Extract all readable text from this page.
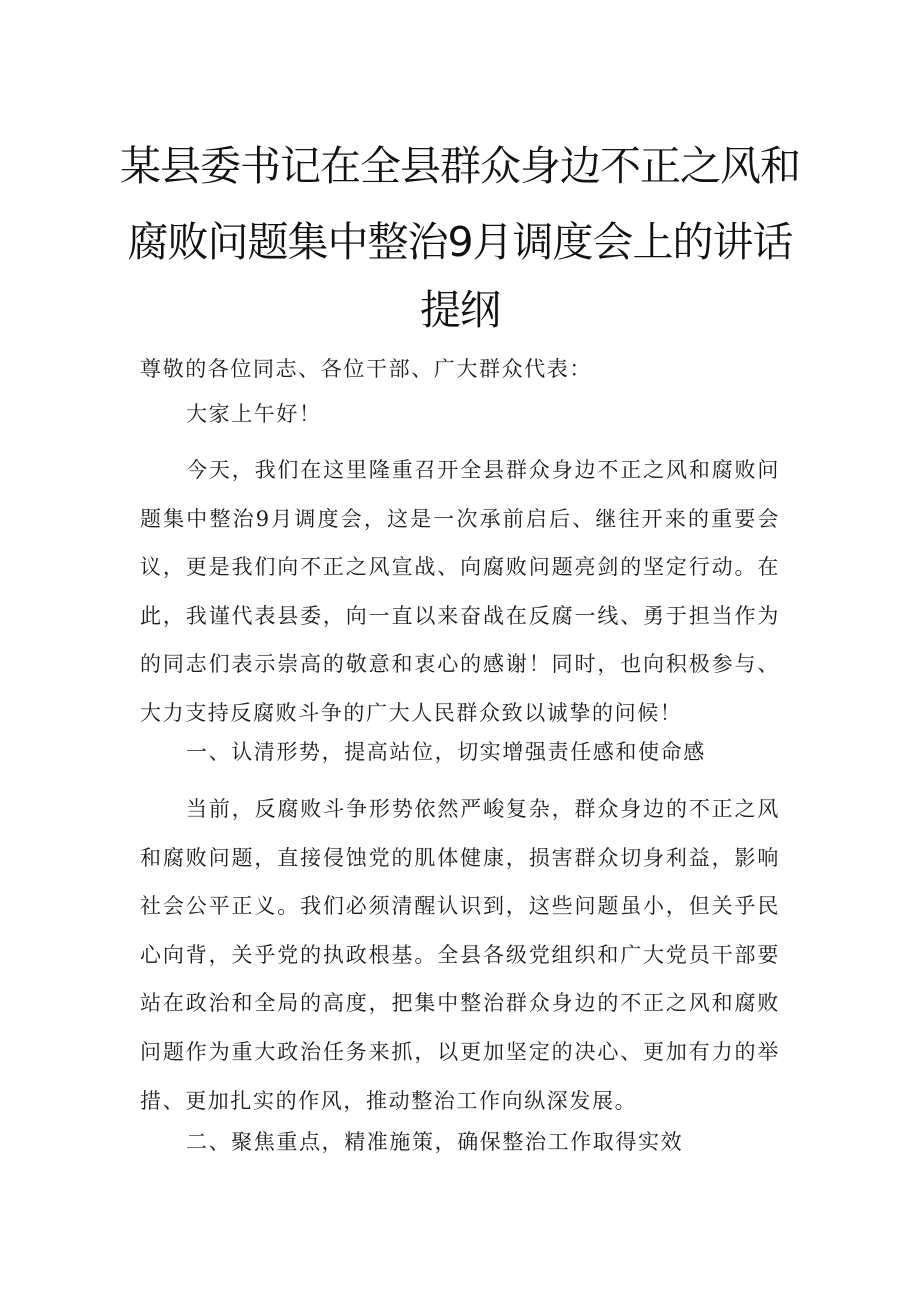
某县委书记在全县群众身边不正之风和
腐败问题集中整治9月调度会上的讲话
提纲
尊敬的各位同志、各位干部、广大群众代表：
大家上午好！
今天，我们在这里隆重召开全县群众身边不正之风和腐败问题集中整治9月调度会，这是一次承前启后、继往开来的重要会议，更是我们向不正之风宣战、向腐败问题亮剑的坚定行动。在此，我谨代表县委，向一直以来奋战在反腐一线、勇于担当作为的同志们表示崇高的敬意和衷心的感谢！同时，也向积极参与、大力支持反腐败斗争的广大人民群众致以诚挚的问候！
一、认清形势，提高站位，切实增强责任感和使命感
当前，反腐败斗争形势依然严峻复杂，群众身边的不正之风和腐败问题，直接侵蚀党的肌体健康，损害群众切身利益，影响社会公平正义。我们必须清醒认识到，这些问题虽小，但关乎民心向背，关乎党的执政根基。全县各级党组织和广大党员干部要站在政治和全局的高度，把集中整治群众身边的不正之风和腐败问题作为重大政治任务来抓，以更加坚定的决心、更加有力的举措、更加扎实的作风，推动整治工作向纵深发展。
二、聚焦重点，精准施策，确保整治工作取得实效
